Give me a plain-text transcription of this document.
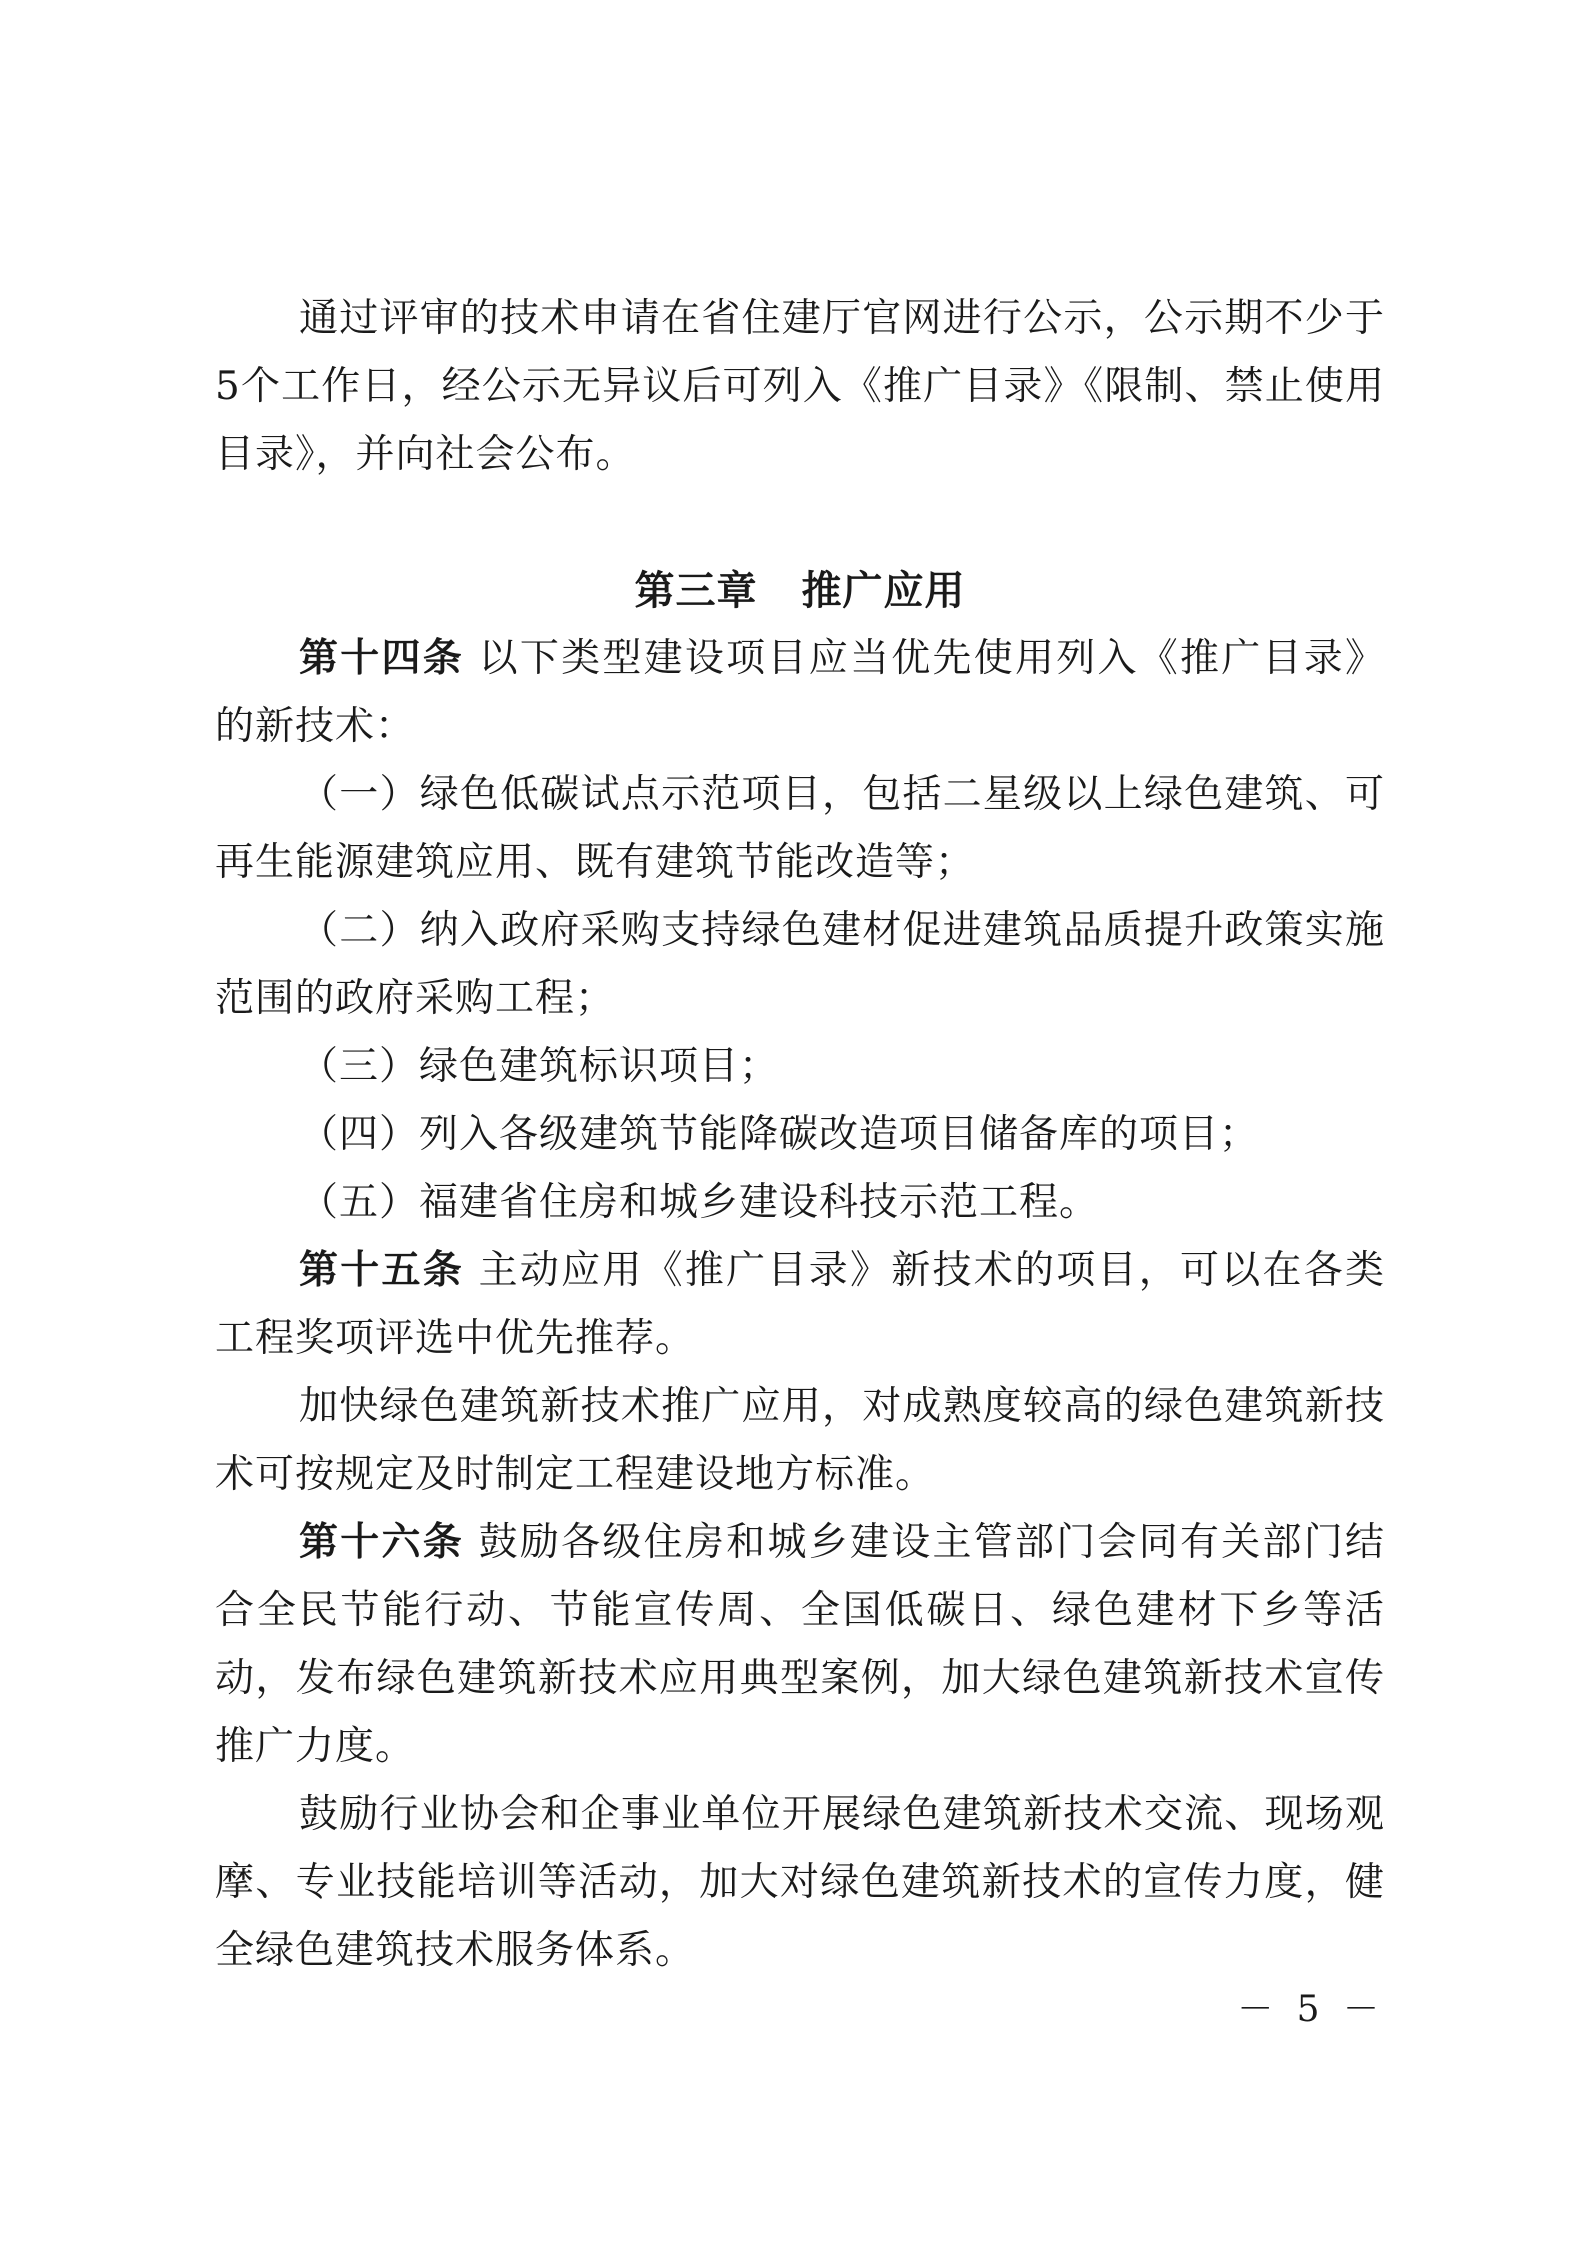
通过评审的技术申请在省住建厅官网进行公示，公示期不少于5个工作日，经公示无异议后可列入《推广目录》《限制、禁止使用目录》，并向社会公布。

第三章 推广应用

第十四条 以下类型建设项目应当优先使用列入《推广目录》的新技术：

（一）绿色低碳试点示范项目，包括二星级以上绿色建筑、可再生能源建筑应用、既有建筑节能改造等；

（二）纳入政府采购支持绿色建材促进建筑品质提升政策实施范围的政府采购工程；

（三）绿色建筑标识项目；

（四）列入各级建筑节能降碳改造项目储备库的项目；

（五）福建省住房和城乡建设科技示范工程。

第十五条 主动应用《推广目录》新技术的项目，可以在各类工程奖项评选中优先推荐。

加快绿色建筑新技术推广应用，对成熟度较高的绿色建筑新技术可按规定及时制定工程建设地方标准。

第十六条 鼓励各级住房和城乡建设主管部门会同有关部门结合全民节能行动、节能宣传周、全国低碳日、绿色建材下乡等活动，发布绿色建筑新技术应用典型案例，加大绿色建筑新技术宣传推广力度。

鼓励行业协会和企事业单位开展绿色建筑新技术交流、现场观摩、专业技能培训等活动，加大对绿色建筑新技术的宣传力度，健全绿色建筑技术服务体系。

－ 5 －
